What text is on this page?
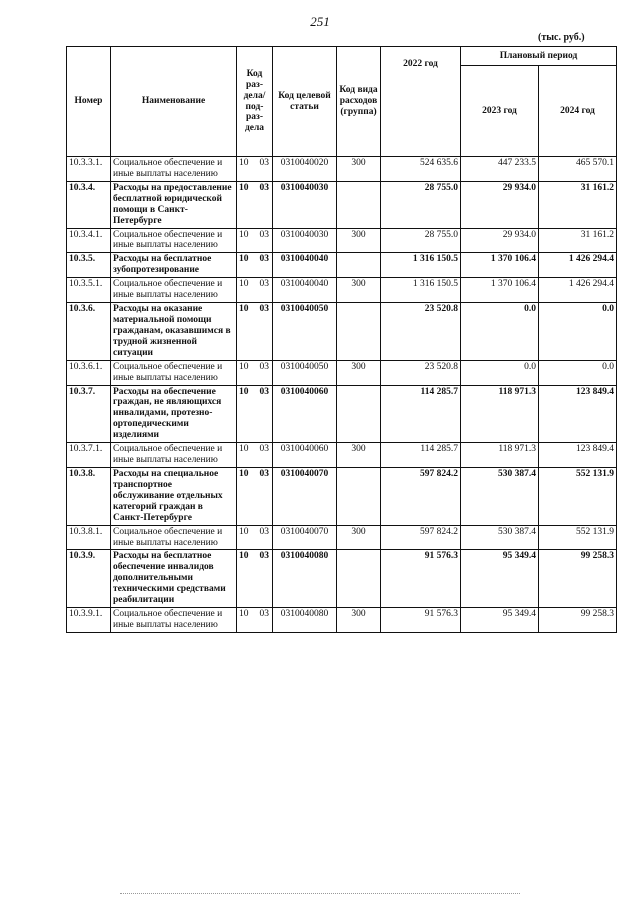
251
(тыс. руб.)
Номер	Наименование	Код раз-дела/под-раз-дела	Код целевой статьи	Код вида расходов (группа)	2022 год	Плановый период	
						2023 год	2024 год
10.3.3.1.	Социальное обеспечение и иные выплаты населению	10 03	0310040020	300	524 635.6	447 233.5	465 570.1
10.3.4.	Расходы на предоставление бесплатной юридической помощи в Санкт-Петербурге	10 03	0310040030		28 755.0	29 934.0	31 161.2
10.3.4.1.	Социальное обеспечение и иные выплаты населению	10 03	0310040030	300	28 755.0	29 934.0	31 161.2
10.3.5.	Расходы на бесплатное зубопротезирование	10 03	0310040040		1 316 150.5	1 370 106.4	1 426 294.4
10.3.5.1.	Социальное обеспечение и иные выплаты населению	10 03	0310040040	300	1 316 150.5	1 370 106.4	1 426 294.4
10.3.6.	Расходы на оказание материальной помощи гражданам, оказавшимся в трудной жизненной ситуации	10 03	0310040050		23 520.8	0.0	0.0
10.3.6.1.	Социальное обеспечение и иные выплаты населению	10 03	0310040050	300	23 520.8	0.0	0.0
10.3.7.	Расходы на обеспечение граждан, не являющихся инвалидами, протезно-ортопедическими изделиями	10 03	0310040060		114 285.7	118 971.3	123 849.4
10.3.7.1.	Социальное обеспечение и иные выплаты населению	10 03	0310040060	300	114 285.7	118 971.3	123 849.4
10.3.8.	Расходы на специальное транспортное обслуживание отдельных категорий граждан в Санкт-Петербурге	10 03	0310040070		597 824.2	530 387.4	552 131.9
10.3.8.1.	Социальное обеспечение и иные выплаты населению	10 03	0310040070	300	597 824.2	530 387.4	552 131.9
10.3.9.	Расходы на бесплатное обеспечение инвалидов дополнительными техническими средствами реабилитации	10 03	0310040080		91 576.3	95 349.4	99 258.3
10.3.9.1.	Социальное обеспечение и иные выплаты населению	10 03	0310040080	300	91 576.3	95 349.4	99 258.3
